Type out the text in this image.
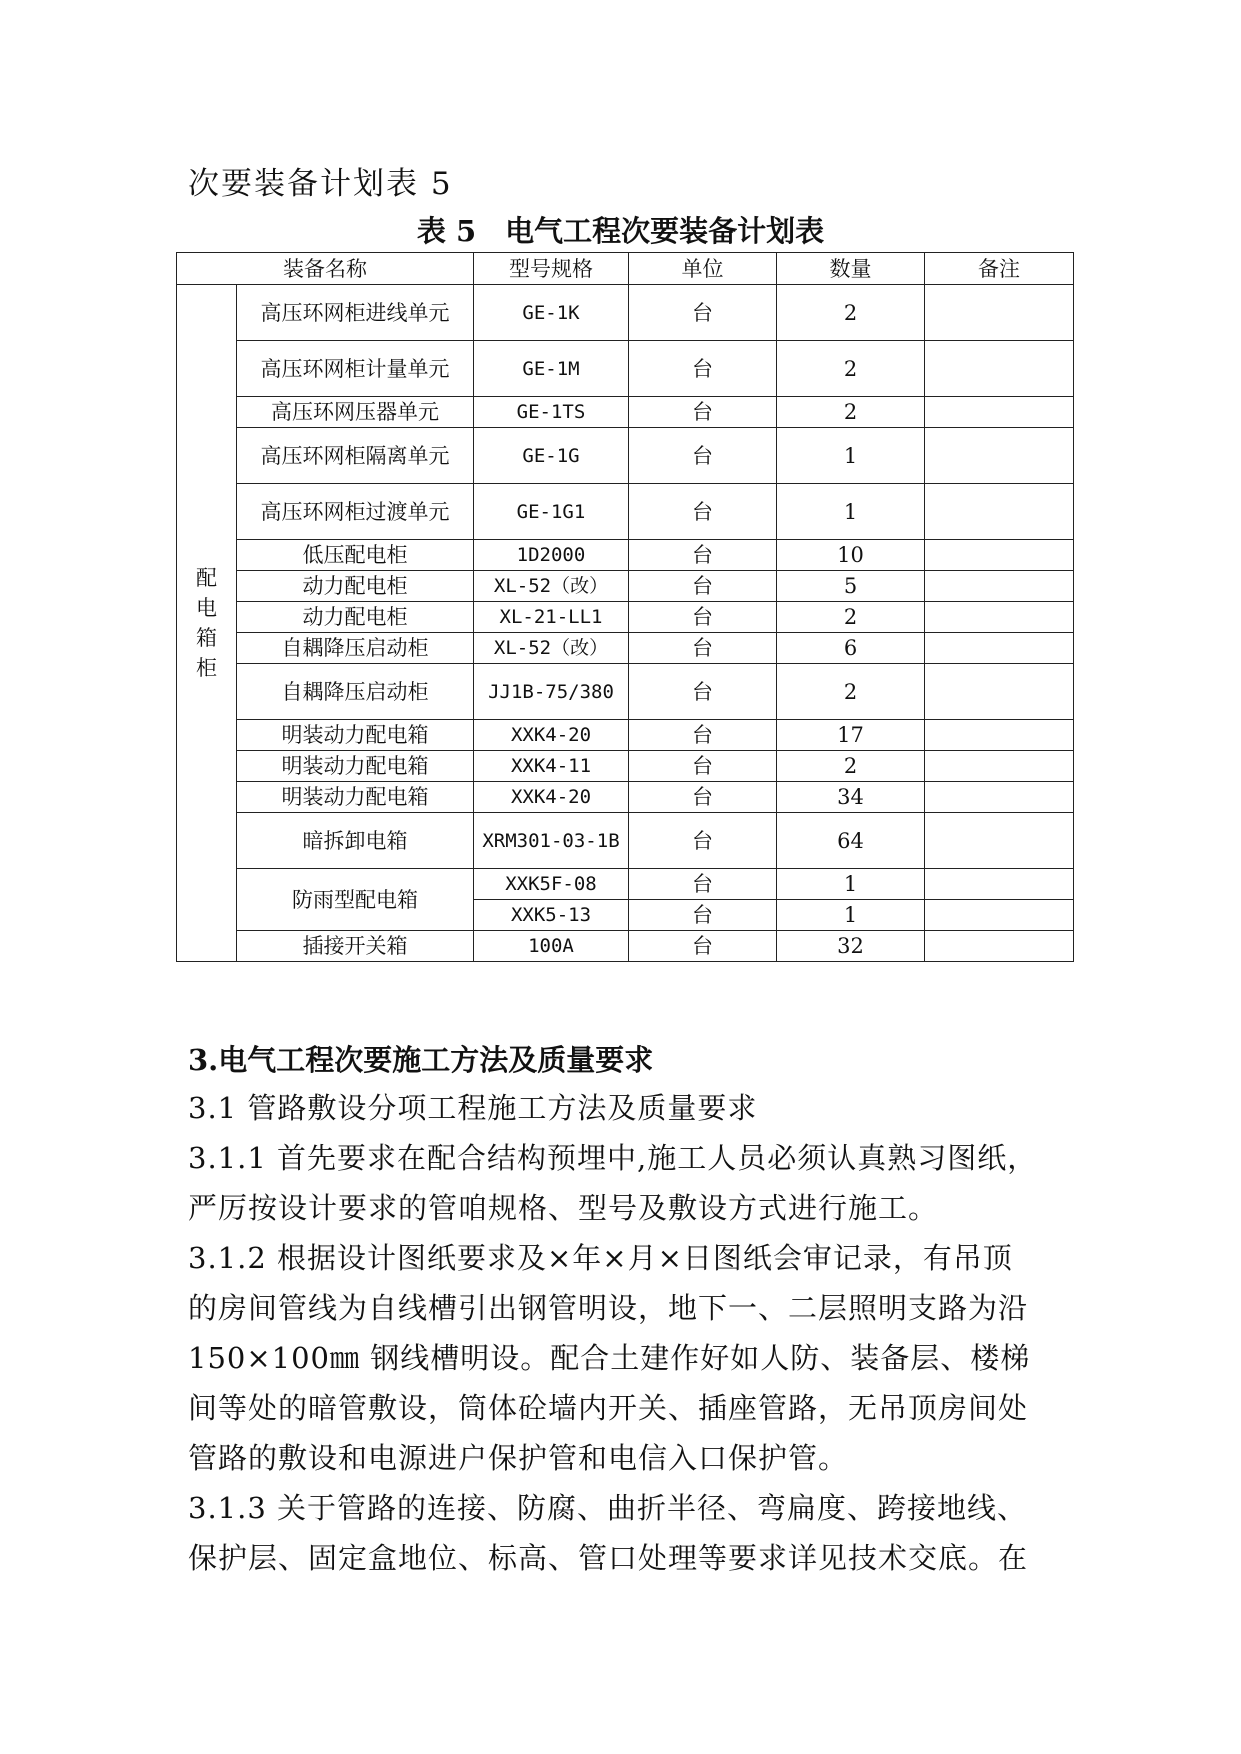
次要装备计划表 5
表 5　电气工程次要装备计划表
装备名称		型号规格	单位	数量	备注

配
电
箱
柜	高压环网柜进线单元	GE-1K	台	2	
	高压环网柜计量单元	GE-1M	台	2	
	高压环网压器单元	GE-1TS	台	2	
	高压环网柜隔离单元	GE-1G	台	1	
	高压环网柜过渡单元	GE-1G1	台	1	
	低压配电柜	1D2000	台	10	
	动力配电柜	XL-52（改）	台	5	
	动力配电柜	XL-21-LL1	台	2	
	自耦降压启动柜	XL-52（改）	台	6	
	自耦降压启动柜	JJ1B-75/380	台	2	
	明装动力配电箱	XXK4-20	台	17	
	明装动力配电箱	XXK4-11	台	2	
	明装动力配电箱	XXK4-20	台	34	
	暗拆卸电箱	XRM301-03-1B	台	64	
	防雨型配电箱	XXK5F-08	台	1	
		XXK5-13	台	1	
	插接开关箱	100A	台	32	
3.电气工程次要施工方法及质量要求
3.1 管路敷设分项工程施工方法及质量要求
3.1.1 首先要求在配合结构预埋中,施工人员必须认真熟习图纸，
严厉按设计要求的管咱规格、型号及敷设方式进行施工。
3.1.2 根据设计图纸要求及×年×月×日图纸会审记录，有吊顶
的房间管线为自线槽引出钢管明设，地下一、二层照明支路为沿
150×100㎜ 钢线槽明设。配合土建作好如人防、装备层、楼梯
间等处的暗管敷设，筒体砼墙内开关、插座管路，无吊顶房间处
管路的敷设和电源进户保护管和电信入口保护管。
3.1.3 关于管路的连接、防腐、曲折半径、弯扁度、跨接地线、
保护层、固定盒地位、标高、管口处理等要求详见技术交底。在
